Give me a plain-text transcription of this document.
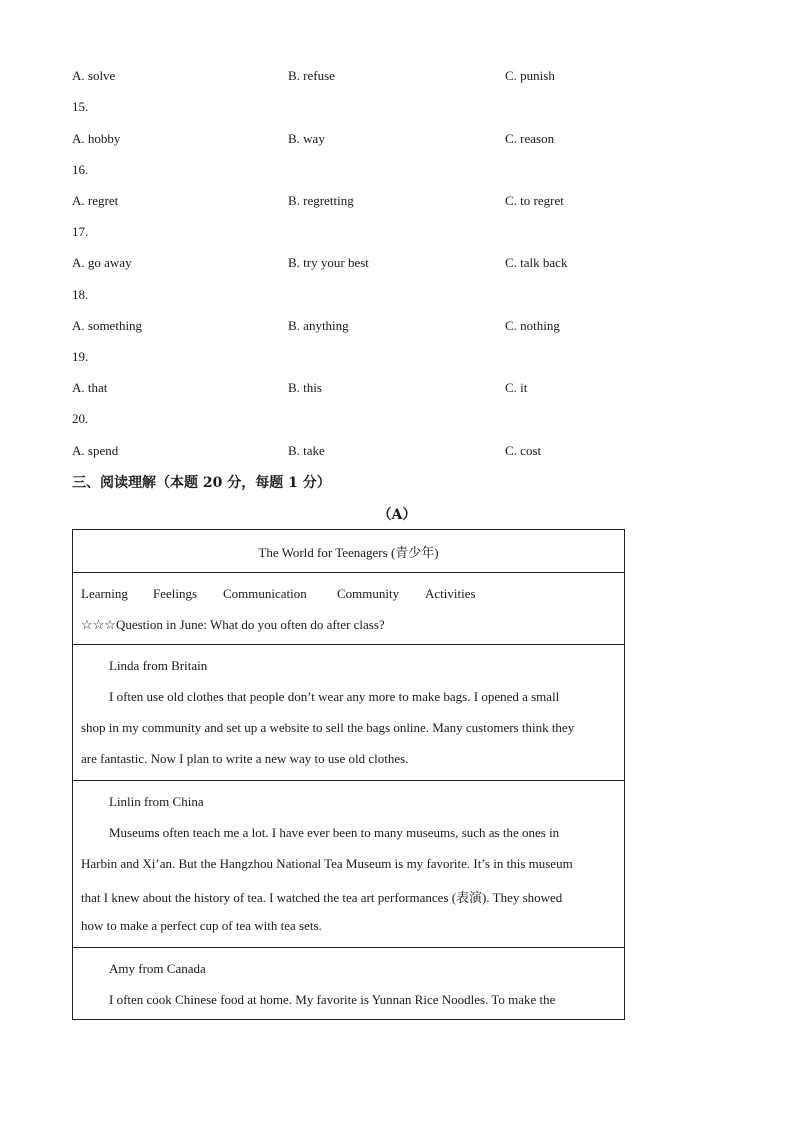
A. solve	B. refuse	C. punish
15.
A. hobby	B. way	C. reason
16.
A. regret	B. regretting	C. to regret
17.
A. go away	B. try your best	C. talk back
18.
A. something	B. anything	C. nothing
19.
A. that	B. this	C. it
20.
A. spend	B. take	C. cost
三、阅读理解（本题 20 分，每题 1 分）
（A）
The World for Teenagers (青少年)
Learning Feelings Communication Community Activities
☆☆☆Question in June: What do you often do after class?
Linda from Britain
I often use old clothes that people don’t wear any more to make bags. I opened a small
shop in my community and set up a website to sell the bags online. Many customers think they
are fantastic. Now I plan to write a new way to use old clothes.
Linlin from China
Museums often teach me a lot. I have ever been to many museums, such as the ones in
Harbin and Xi’an. But the Hangzhou National Tea Museum is my favorite. It’s in this museum
that I knew about the history of tea. I watched the tea art performances (表演). They showed
how to make a perfect cup of tea with tea sets.
Amy from Canada
I often cook Chinese food at home. My favorite is Yunnan Rice Noodles. To make the
